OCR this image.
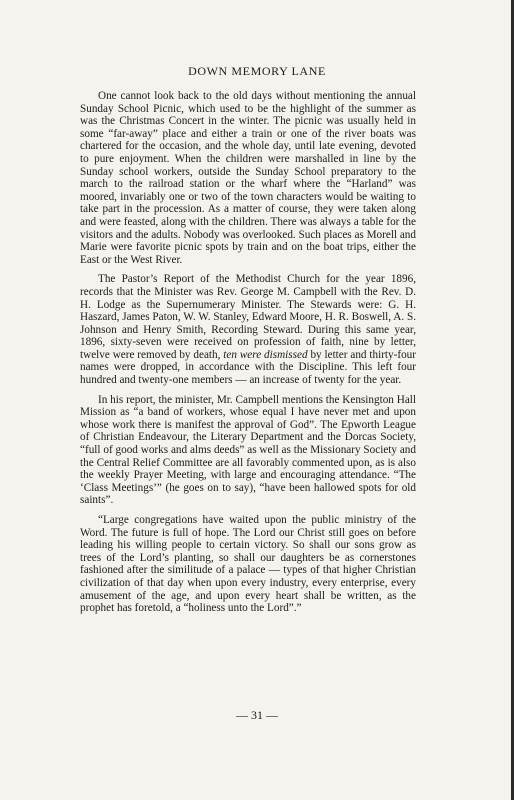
DOWN MEMORY LANE

One cannot look back to the old days without mentioning the annual Sunday School Picnic, which used to be the highlight of the summer as was the Christmas Concert in the winter. The picnic was usually held in some “far-away” place and either a train or one of the river boats was chartered for the occasion, and the whole day, until late evening, devoted to pure enjoyment. When the children were marshalled in line by the Sunday school workers, outside the Sunday School preparatory to the march to the railroad station or the wharf where the “Harland” was moored, invariably one or two of the town characters would be waiting to take part in the procession. As a matter of course, they were taken along and were feasted, along with the children. There was always a table for the visitors and the adults. Nobody was overlooked. Such places as Morell and Marie were favorite picnic spots by train and on the boat trips, either the East or the West River.

The Pastor’s Report of the Methodist Church for the year 1896, records that the Minister was Rev. George M. Campbell with the Rev. D. H. Lodge as the Supernumerary Minister. The Stewards were: G. H. Haszard, James Paton, W. W. Stanley, Edward Moore, H. R. Boswell, A. S. Johnson and Henry Smith, Recording Steward. During this same year, 1896, sixty-seven were received on profession of faith, nine by letter, twelve were removed by death, ten were dismissed by letter and thirty-four names were dropped, in accordance with the Discipline. This left four hundred and twenty-one members — an increase of twenty for the year.

In his report, the minister, Mr. Campbell mentions the Kensington Hall Mission as “a band of workers, whose equal I have never met and upon whose work there is manifest the approval of God”. The Epworth League of Christian Endeavour, the Literary Department and the Dorcas Society, “full of good works and alms deeds” as well as the Missionary Society and the Central Relief Committee are all favorably commented upon, as is also the weekly Prayer Meeting, with large and encouraging attendance. “The ‘Class Meetings’” (he goes on to say), “have been hallowed spots for old saints”.

“Large congregations have waited upon the public ministry of the Word. The future is full of hope. The Lord our Christ still goes on before leading his willing people to certain victory. So shall our sons grow as trees of the Lord’s planting, so shall our daughters be as cornerstones fashioned after the similitude of a palace — types of that higher Christian civilization of that day when upon every industry, every enterprise, every amusement of the age, and upon every heart shall be written, as the prophet has foretold, a “holiness unto the Lord”.”

— 31 —
